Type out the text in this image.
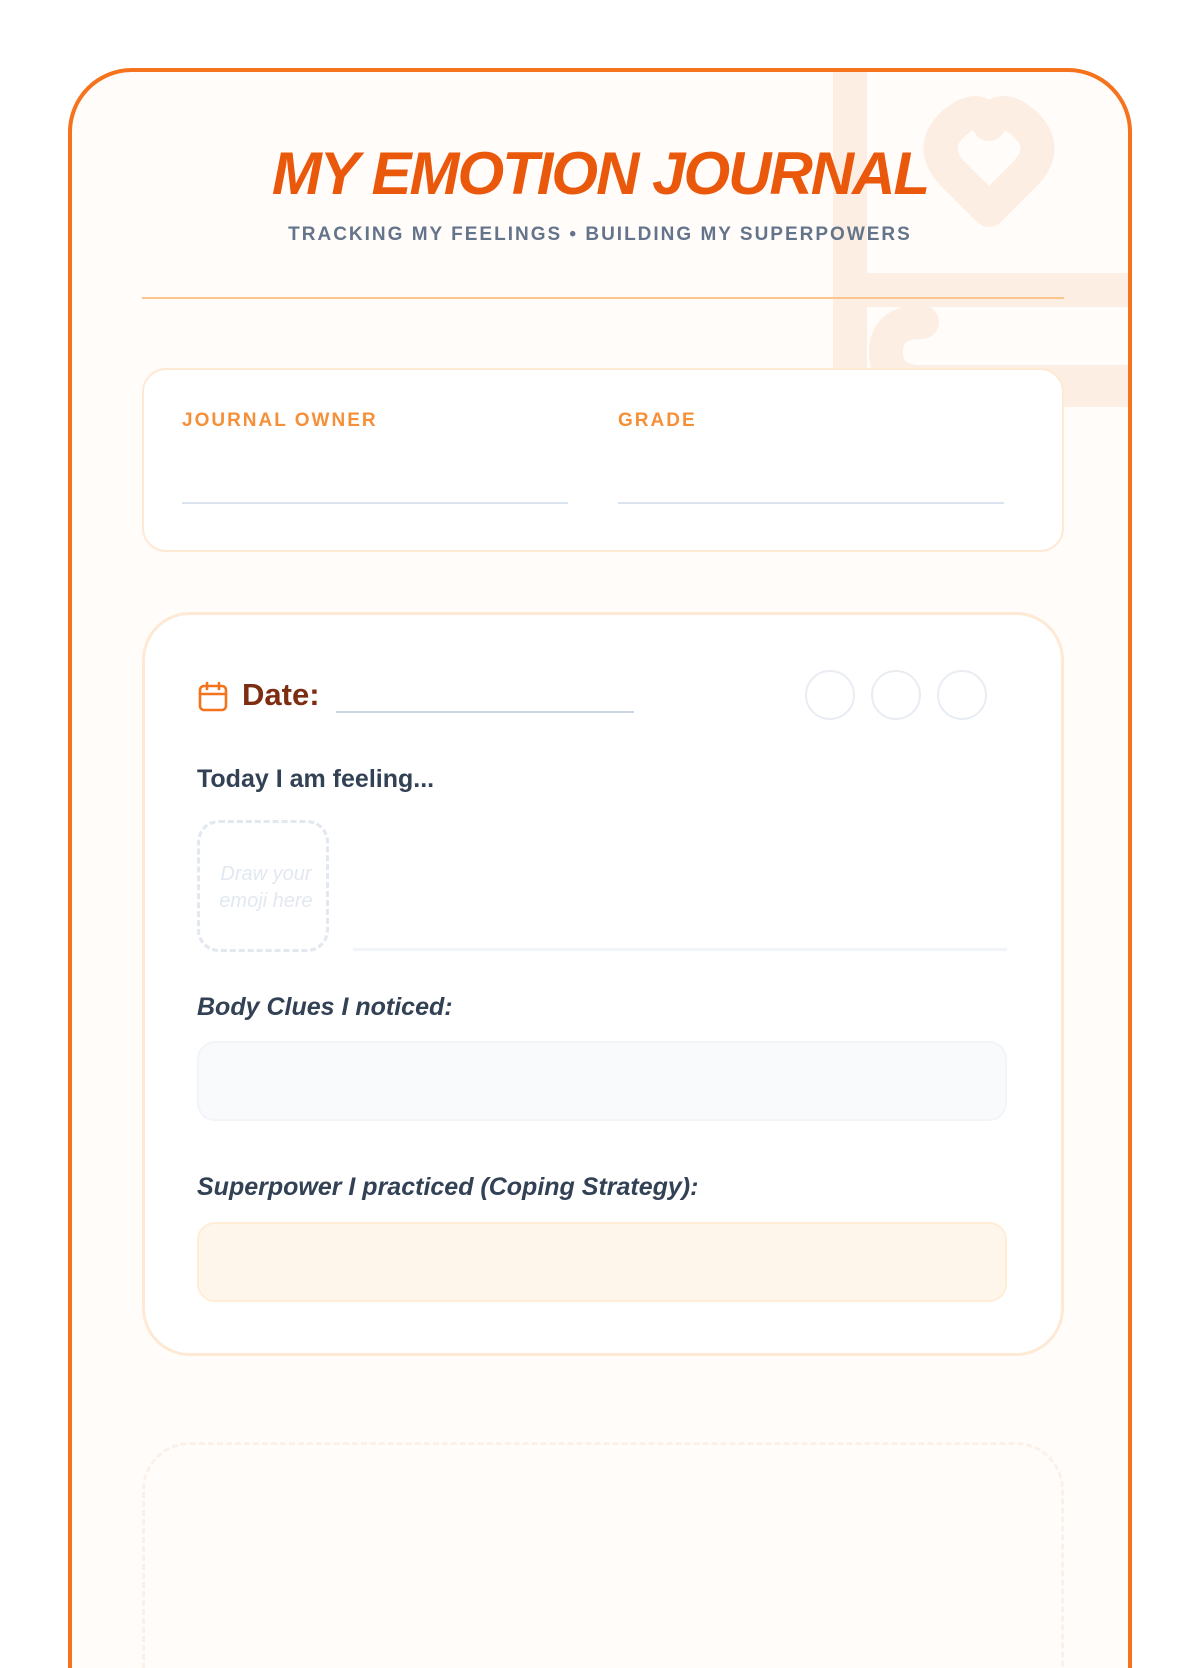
MY EMOTION JOURNAL
TRACKING MY FEELINGS • BUILDING MY SUPERPOWERS
JOURNAL OWNER	GRADE
Date:
Today I am feeling...
Draw your emoji here
Body Clues I noticed:
Superpower I practiced (Coping Strategy):
